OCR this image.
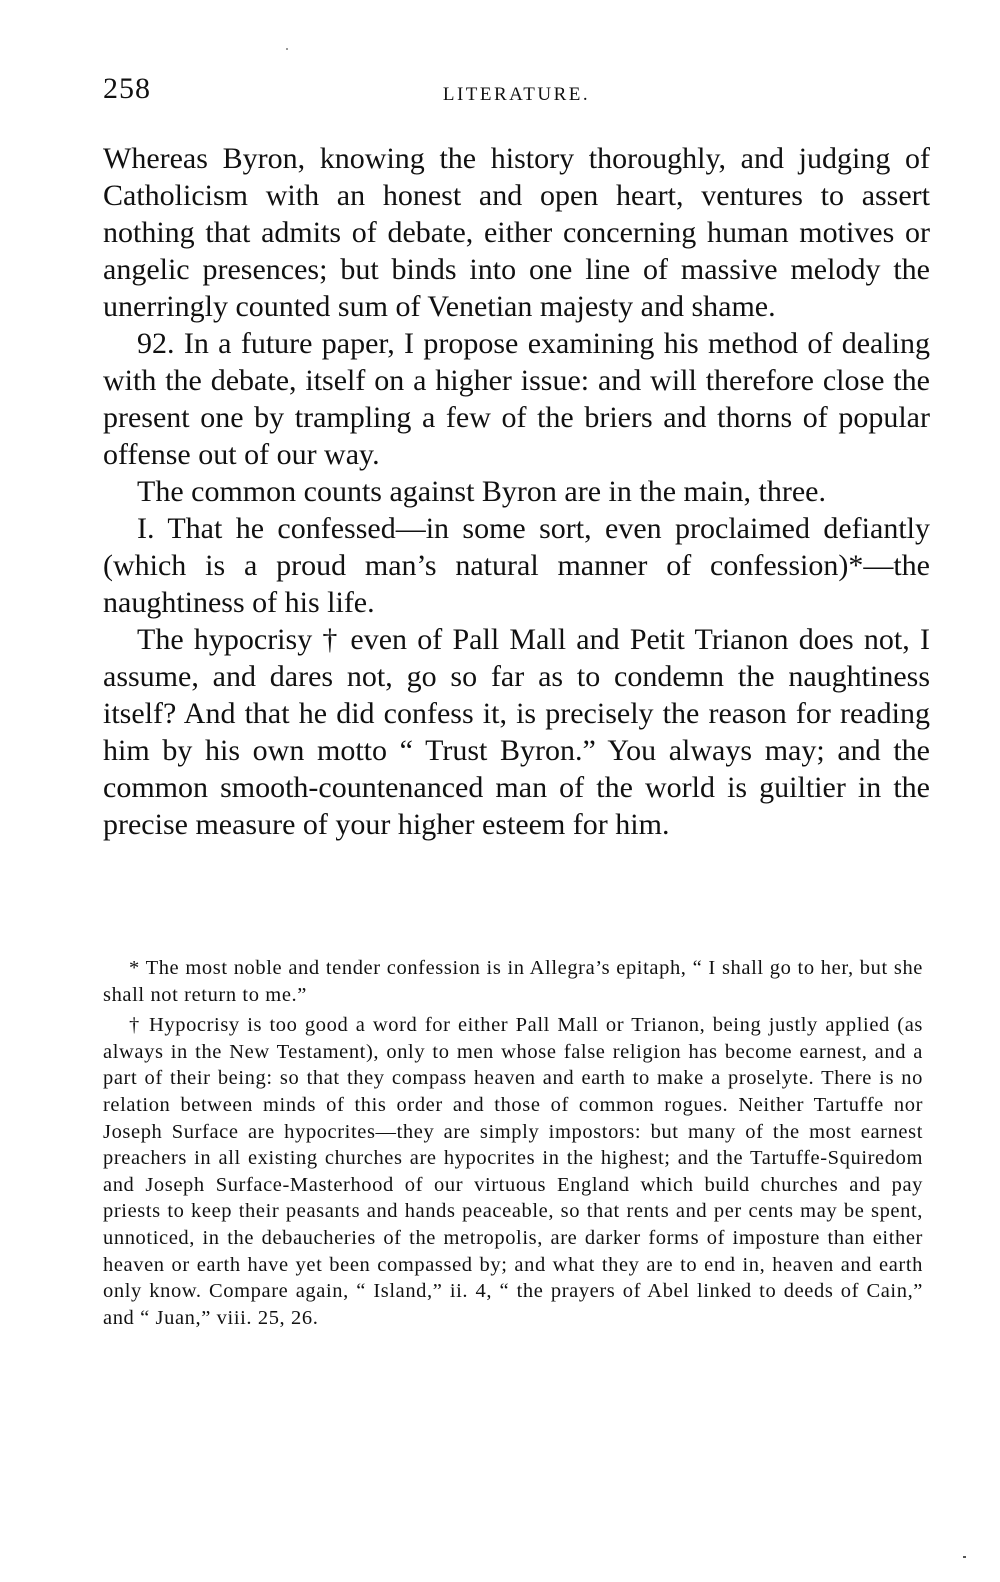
258	LITERATURE.

Whereas Byron, knowing the history thoroughly, and judging of Catholicism with an honest and open heart, ventures to assert nothing that admits of debate, either concerning human motives or angelic presences; but binds into one line of massive melody the unerringly counted sum of Venetian majesty and shame.

92. In a future paper, I propose examining his method of dealing with the debate, itself on a higher issue: and will therefore close the present one by trampling a few of the briers and thorns of popular offense out of our way.

The common counts against Byron are in the main, three.

I. That he confessed—in some sort, even proclaimed defiantly (which is a proud man’s natural manner of confession)*—the naughtiness of his life.

The hypocrisy † even of Pall Mall and Petit Trianon does not, I assume, and dares not, go so far as to condemn the naughtiness itself? And that he did confess it, is precisely the reason for reading him by his own motto “ Trust Byron.” You always may; and the common smooth-countenanced man of the world is guiltier in the precise measure of your higher esteem for him.

* The most noble and tender confession is in Allegra’s epitaph, “ I shall go to her, but she shall not return to me.”

† Hypocrisy is too good a word for either Pall Mall or Trianon, being justly applied (as always in the New Testament), only to men whose false religion has become earnest, and a part of their being: so that they compass heaven and earth to make a proselyte. There is no relation between minds of this order and those of common rogues. Neither Tartuffe nor Joseph Surface are hypocrites—they are simply impostors: but many of the most earnest preachers in all existing churches are hypocrites in the highest; and the Tartuffe-Squiredom and Joseph Surface-Masterhood of our virtuous England which build churches and pay priests to keep their peasants and hands peaceable, so that rents and per cents may be spent, unnoticed, in the debaucheries of the metropolis, are darker forms of imposture than either heaven or earth have yet been compassed by; and what they are to end in, heaven and earth only know. Compare again, “ Island,” ii. 4, “ the prayers of Abel linked to deeds of Cain,” and “ Juan,” viii. 25, 26.
